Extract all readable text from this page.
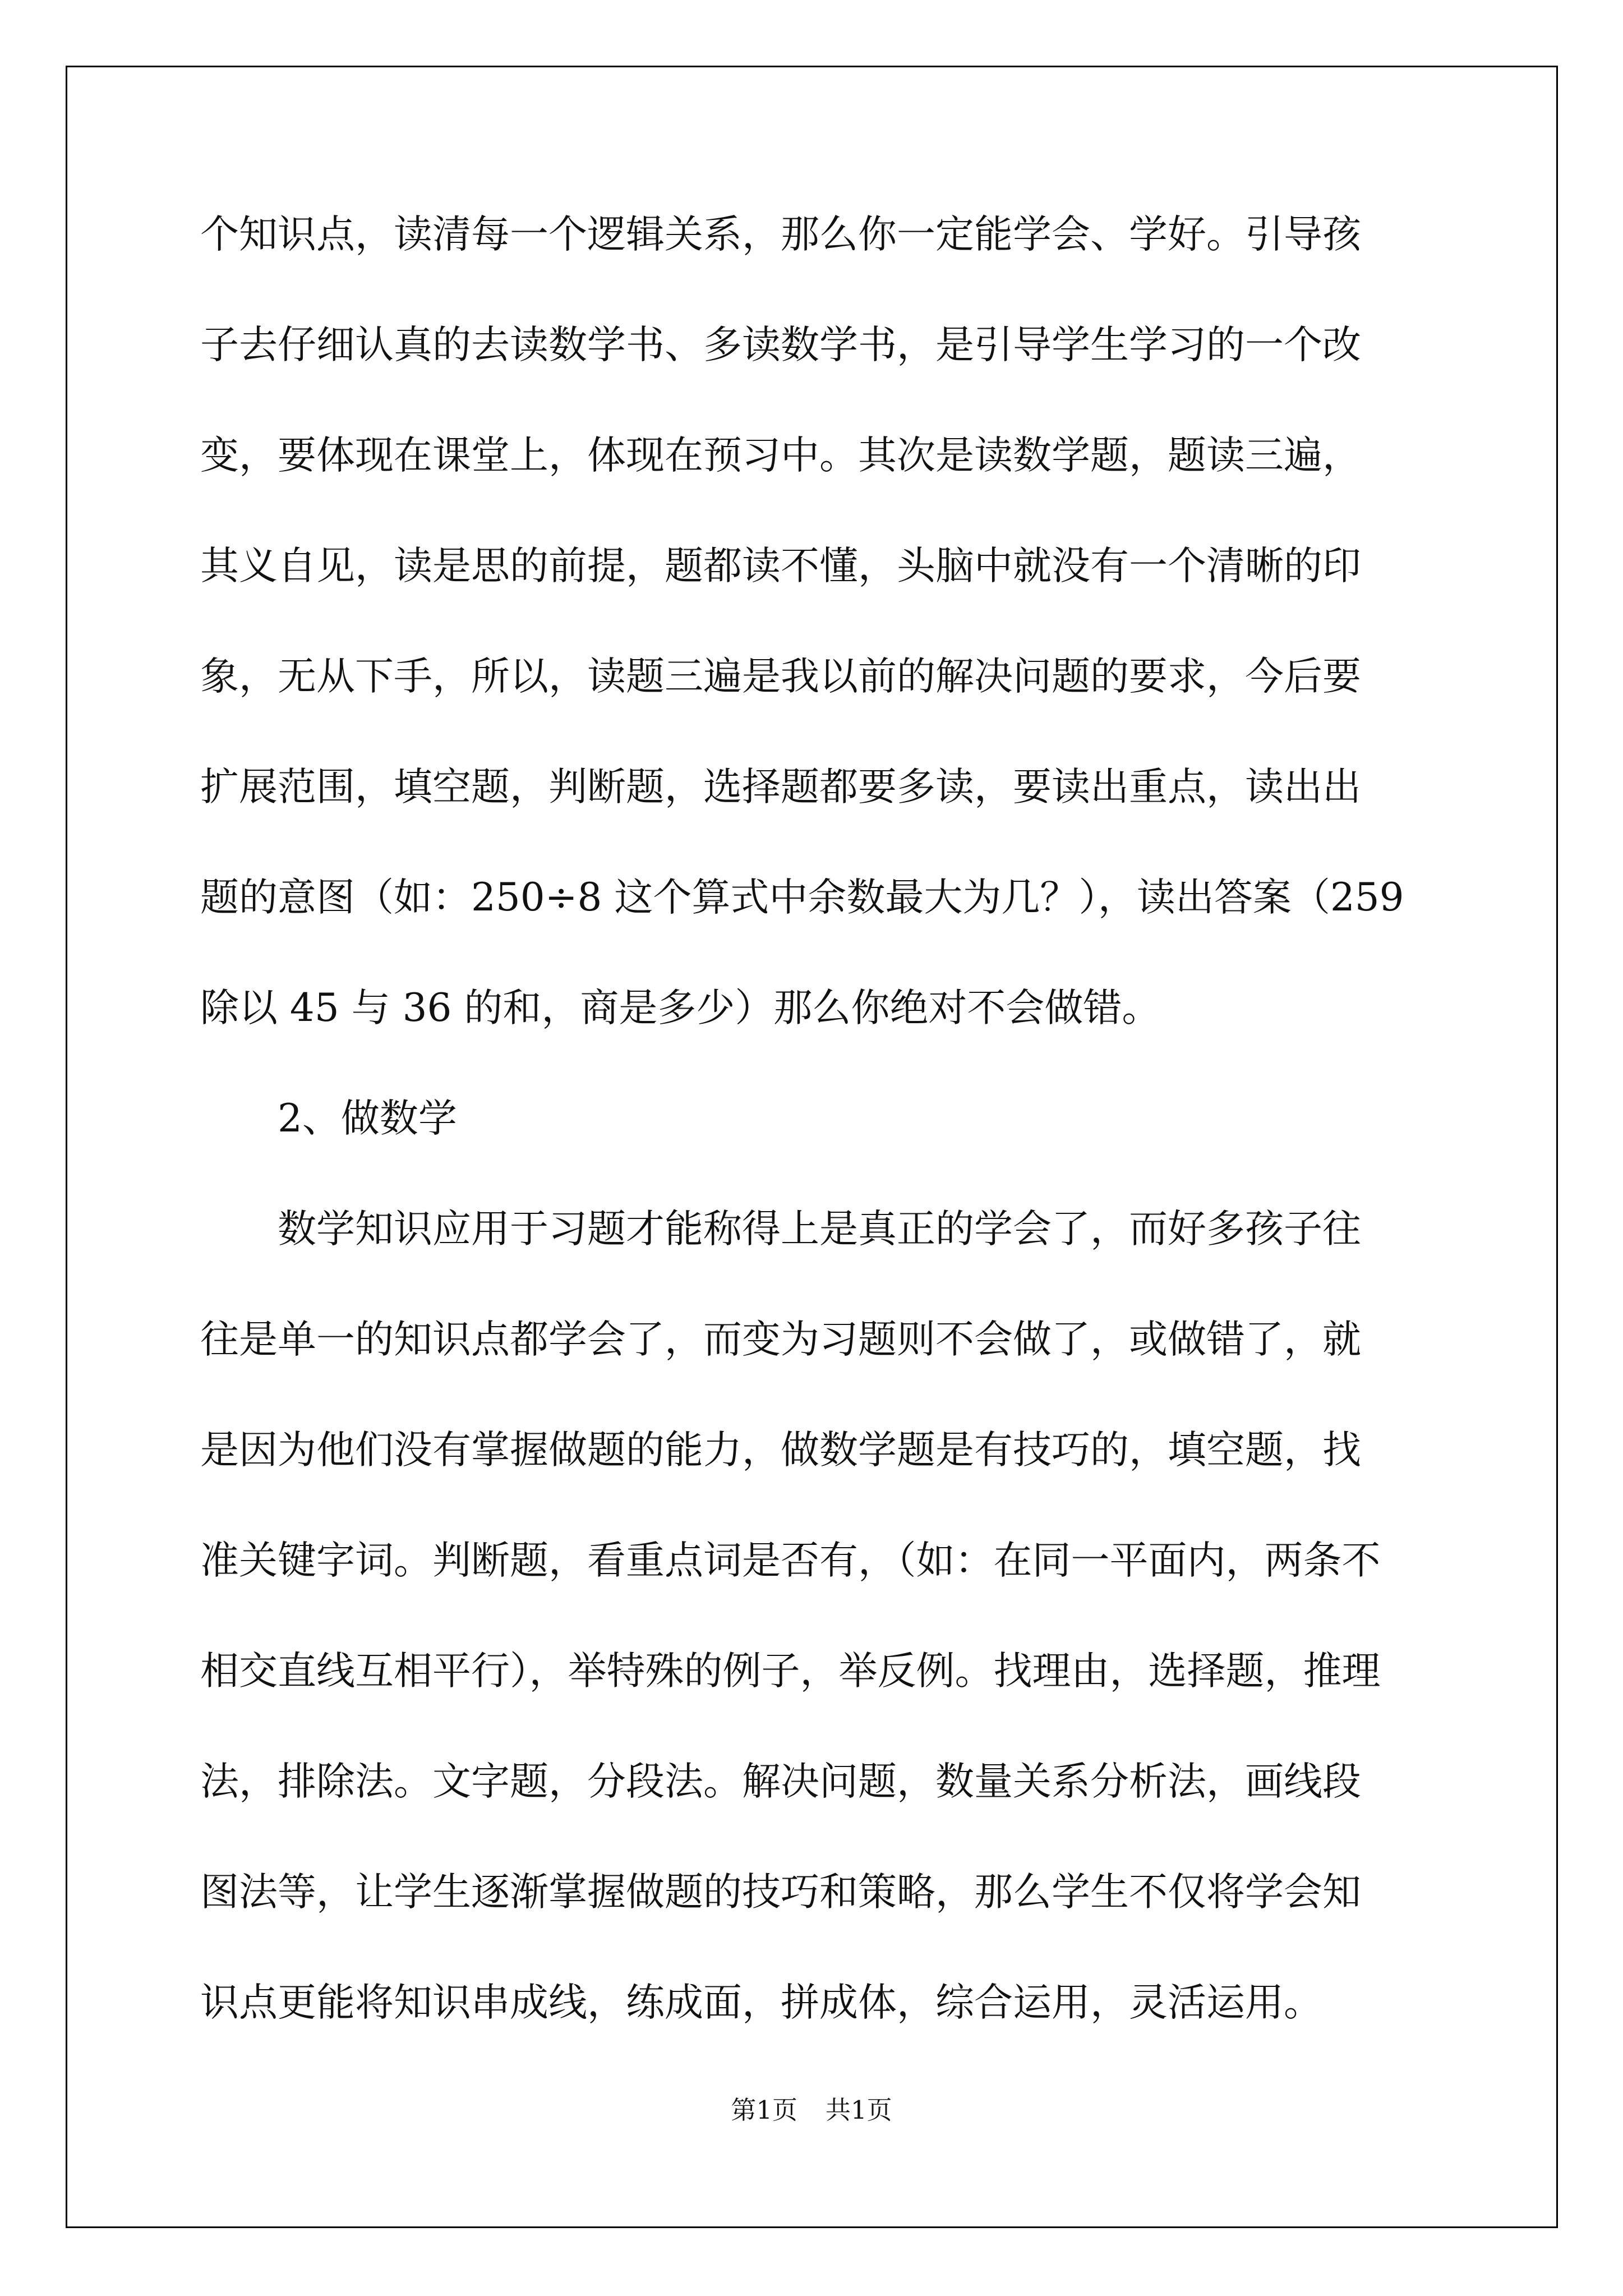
个知识点，读清每一个逻辑关系，那么你一定能学会、学好。引导孩
子去仔细认真的去读数学书、多读数学书，是引导学生学习的一个改
变，要体现在课堂上，体现在预习中。其次是读数学题，题读三遍，
其义自见，读是思的前提，题都读不懂，头脑中就没有一个清晰的印
象，无从下手，所以，读题三遍是我以前的解决问题的要求，今后要
扩展范围，填空题，判断题，选择题都要多读，要读出重点，读出出
题的意图（如：250÷8 这个算式中余数最大为几？），读出答案（259
除以 45 与 36 的和，商是多少）那么你绝对不会做错。
2、做数学
数学知识应用于习题才能称得上是真正的学会了，而好多孩子往
往是单一的知识点都学会了，而变为习题则不会做了，或做错了，就
是因为他们没有掌握做题的能力，做数学题是有技巧的，填空题，找
准关键字词。判断题，看重点词是否有，（如：在同一平面内，两条不
相交直线互相平行），举特殊的例子，举反例。找理由，选择题，推理
法，排除法。文字题，分段法。解决问题，数量关系分析法，画线段
图法等，让学生逐渐掌握做题的技巧和策略，那么学生不仅将学会知
识点更能将知识串成线，练成面，拼成体，综合运用，灵活运用。
第1页 共1页
